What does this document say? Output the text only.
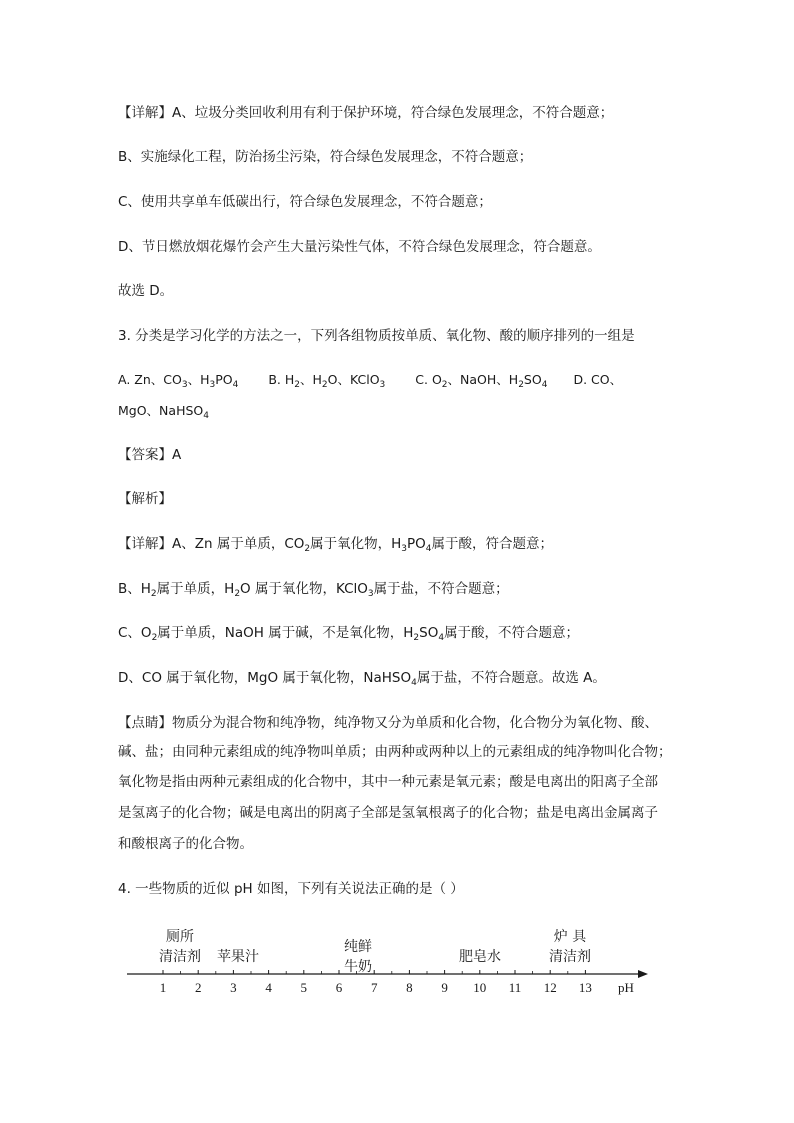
【详解】A、垃圾分类回收利用有利于保护环境，符合绿色发展理念，不符合题意；
B、实施绿化工程，防治扬尘污染，符合绿色发展理念，不符合题意；
C、使用共享单车低碳出行，符合绿色发展理念，不符合题意；
D、节日燃放烟花爆竹会产生大量污染性气体，不符合绿色发展理念，符合题意。
故选 D。
3. 分类是学习化学的方法之一，下列各组物质按单质、氧化物、酸的顺序排列的一组是
A. Zn、$CO_3$、$H_3PO_4$ B. $H_2$、$H_2O$、KClO$_3$ C. $O_2$、NaOH、$H_2SO_4$ D. CO、
MgO、NaHSO$_4$
【答案】A
【解析】
【详解】A、Zn 属于单质，$CO_2$属于氧化物，$H_3PO_4$属于酸，符合题意；
B、$H_2$属于单质，$H_2O$ 属于氧化物，KClO$_3$属于盐，不符合题意；
C、$O_2$属于单质，NaOH 属于碱，不是氧化物，$H_2SO_4$属于酸，不符合题意；
D、CO 属于氧化物，MgO 属于氧化物，NaHSO$_4$属于盐，不符合题意。故选 A。
【点睛】物质分为混合物和纯净物，纯净物又分为单质和化合物，化合物分为氧化物、酸、
碱、盐；由同种元素组成的纯净物叫单质；由两种或两种以上的元素组成的纯净物叫化合物；
氧化物是指由两种元素组成的化合物中，其中一种元素是氧元素；酸是电离出的阳离子全部
是氢离子的化合物；碱是电离出的阴离子全部是氢氧根离子的化合物；盐是电离出金属离子
和酸根离子的化合物。
4. 一些物质的近似 pH 如图，下列有关说法正确的是（ ）
1 2 3 4 5 6 7 8 9 10 11 12 13 pH
厕所
清洁剂 苹果汁
纯鲜
牛奶
肥皂水
炉 具
清洁剂
